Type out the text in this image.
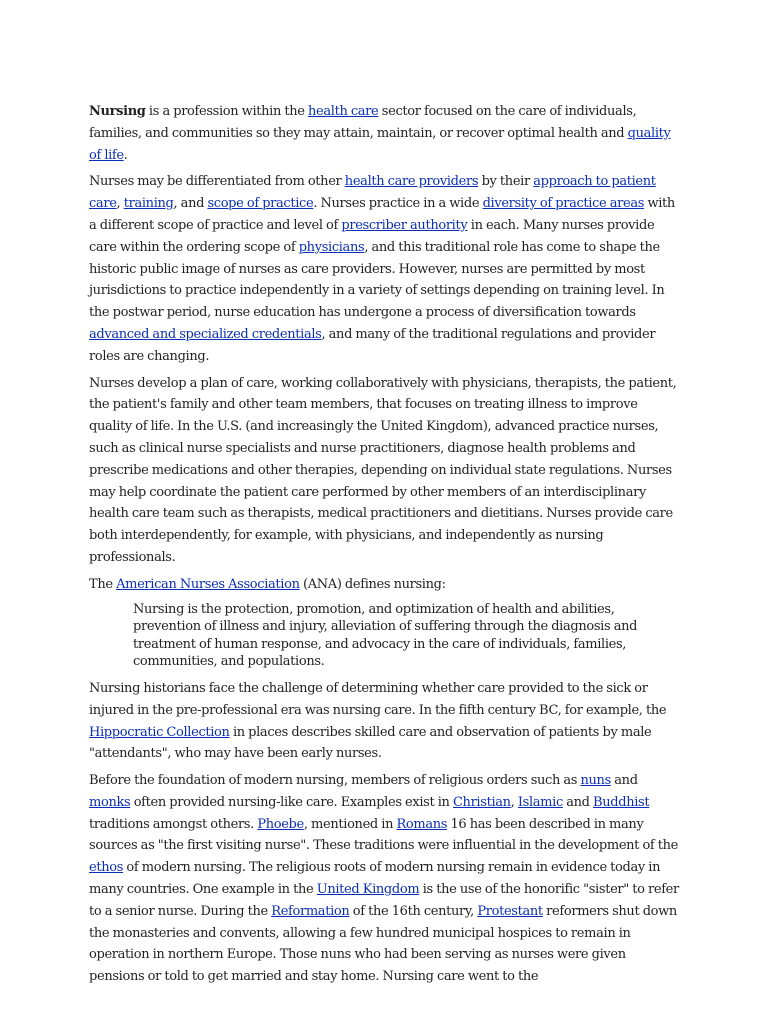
Nursing is a profession within the health care sector focused on the care of individuals, families, and communities so they may attain, maintain, or recover optimal health and quality of life.

Nurses may be differentiated from other health care providers by their approach to patient care, training, and scope of practice. Nurses practice in a wide diversity of practice areas with a different scope of practice and level of prescriber authority in each. Many nurses provide care within the ordering scope of physicians, and this traditional role has come to shape the historic public image of nurses as care providers. However, nurses are permitted by most jurisdictions to practice independently in a variety of settings depending on training level. In the postwar period, nurse education has undergone a process of diversification towards advanced and specialized credentials, and many of the traditional regulations and provider roles are changing.

Nurses develop a plan of care, working collaboratively with physicians, therapists, the patient, the patient's family and other team members, that focuses on treating illness to improve quality of life. In the U.S. (and increasingly the United Kingdom), advanced practice nurses, such as clinical nurse specialists and nurse practitioners, diagnose health problems and prescribe medications and other therapies, depending on individual state regulations. Nurses may help coordinate the patient care performed by other members of an interdisciplinary health care team such as therapists, medical practitioners and dietitians. Nurses provide care both interdependently, for example, with physicians, and independently as nursing professionals.

The American Nurses Association (ANA) defines nursing:

Nursing is the protection, promotion, and optimization of health and abilities, prevention of illness and injury, alleviation of suffering through the diagnosis and treatment of human response, and advocacy in the care of individuals, families, communities, and populations.

Nursing historians face the challenge of determining whether care provided to the sick or injured in the pre-professional era was nursing care. In the fifth century BC, for example, the Hippocratic Collection in places describes skilled care and observation of patients by male "attendants", who may have been early nurses.

Before the foundation of modern nursing, members of religious orders such as nuns and monks often provided nursing-like care. Examples exist in Christian, Islamic and Buddhist traditions amongst others. Phoebe, mentioned in Romans 16 has been described in many sources as "the first visiting nurse". These traditions were influential in the development of the ethos of modern nursing. The religious roots of modern nursing remain in evidence today in many countries. One example in the United Kingdom is the use of the honorific "sister" to refer to a senior nurse. During the Reformation of the 16th century, Protestant reformers shut down the monasteries and convents, allowing a few hundred municipal hospices to remain in operation in northern Europe. Those nuns who had been serving as nurses were given pensions or told to get married and stay home. Nursing care went to the
